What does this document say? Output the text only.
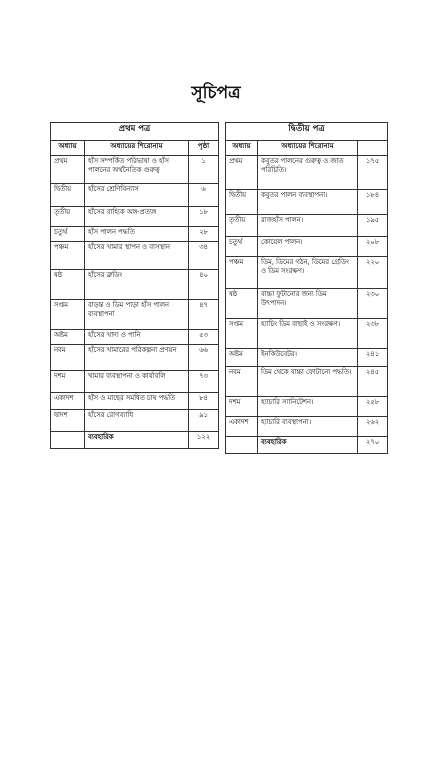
সূচিপত্র
প্রথম পত্র		
অধ্যায়	অধ্যায়ের শিরোনাম	পৃষ্ঠা
প্রথম	হাঁস সম্পর্কিত পরিভাষা ও হাঁস পালনের অর্থনৈতিক গুরুত্ব	১
দ্বিতীয়	হাঁসের শ্রেণিবিন্যাস	৬
তৃতীয়	হাঁসের বাহ্যিক অঙ্গ-প্রত্যঙ্গ	১৮
চতুর্থ	হাঁস পালন পদ্ধতি	২৮
পঞ্চম	হাঁসের খামার স্থাপন ও বাসস্থান	৩৪
ষষ্ঠ	হাঁসের ব্রুডিং	৪০
সপ্তম	বাড়ন্ত ও ডিম পাড়া হাঁস পালন ব্যবস্থাপনা	৪৭
অষ্টম	হাঁসের খাদ্য ও পানি	৫৩
নবম	হাঁসের খামারের পরিকল্পনা প্রণয়ন	৬৬
দশম	খামার ব্যবস্থাপনা ও কার্যাবলি	৭৩
একাদশ	হাঁস ও মাছের সমন্বিত চাষ পদ্ধতি	৮৪
দ্বাদশ	হাঁসের রোগব্যাধি	৯১
	ব্যবহারিক	১২২
দ্বিতীয় পত্র		
অধ্যায়	অধ্যায়ের শিরোনাম	
প্রথম	কবুতর পালনের গুরুত্ব ও জাত পরিচিতি।	১৭৫
দ্বিতীয়	কবুতর পালন ব্যবস্থাপনা।	১৮৪
তৃতীয়	রাজহাঁস পালন।	১৯৫
চতুর্থ	কোয়েল পালন।	২০৮
পঞ্চম	ডিম, ডিমের গঠন, ডিমের গ্রেডিং ও ডিম সংরক্ষণ।	২২০
ষষ্ঠ	বাচ্চা ফুটানোর জন্য ডিম উৎপাদন।	২৩০
সপ্তম	হ্যাচিং ডিম বাছাই ও সংরক্ষণ।	২৩৮
অষ্টম	ইনকিউবেটর।	২৪১
নবম	ডিম থেকে বাচ্চা ফোটানো পদ্ধতি।	২৪৫
দশম	হ্যাচারি স্যানিটেশন।	২৫৮
একাদশ	হ্যাচারি ব্যবস্থাপনা।	২৬২
	ব্যবহারিক	২৭০
